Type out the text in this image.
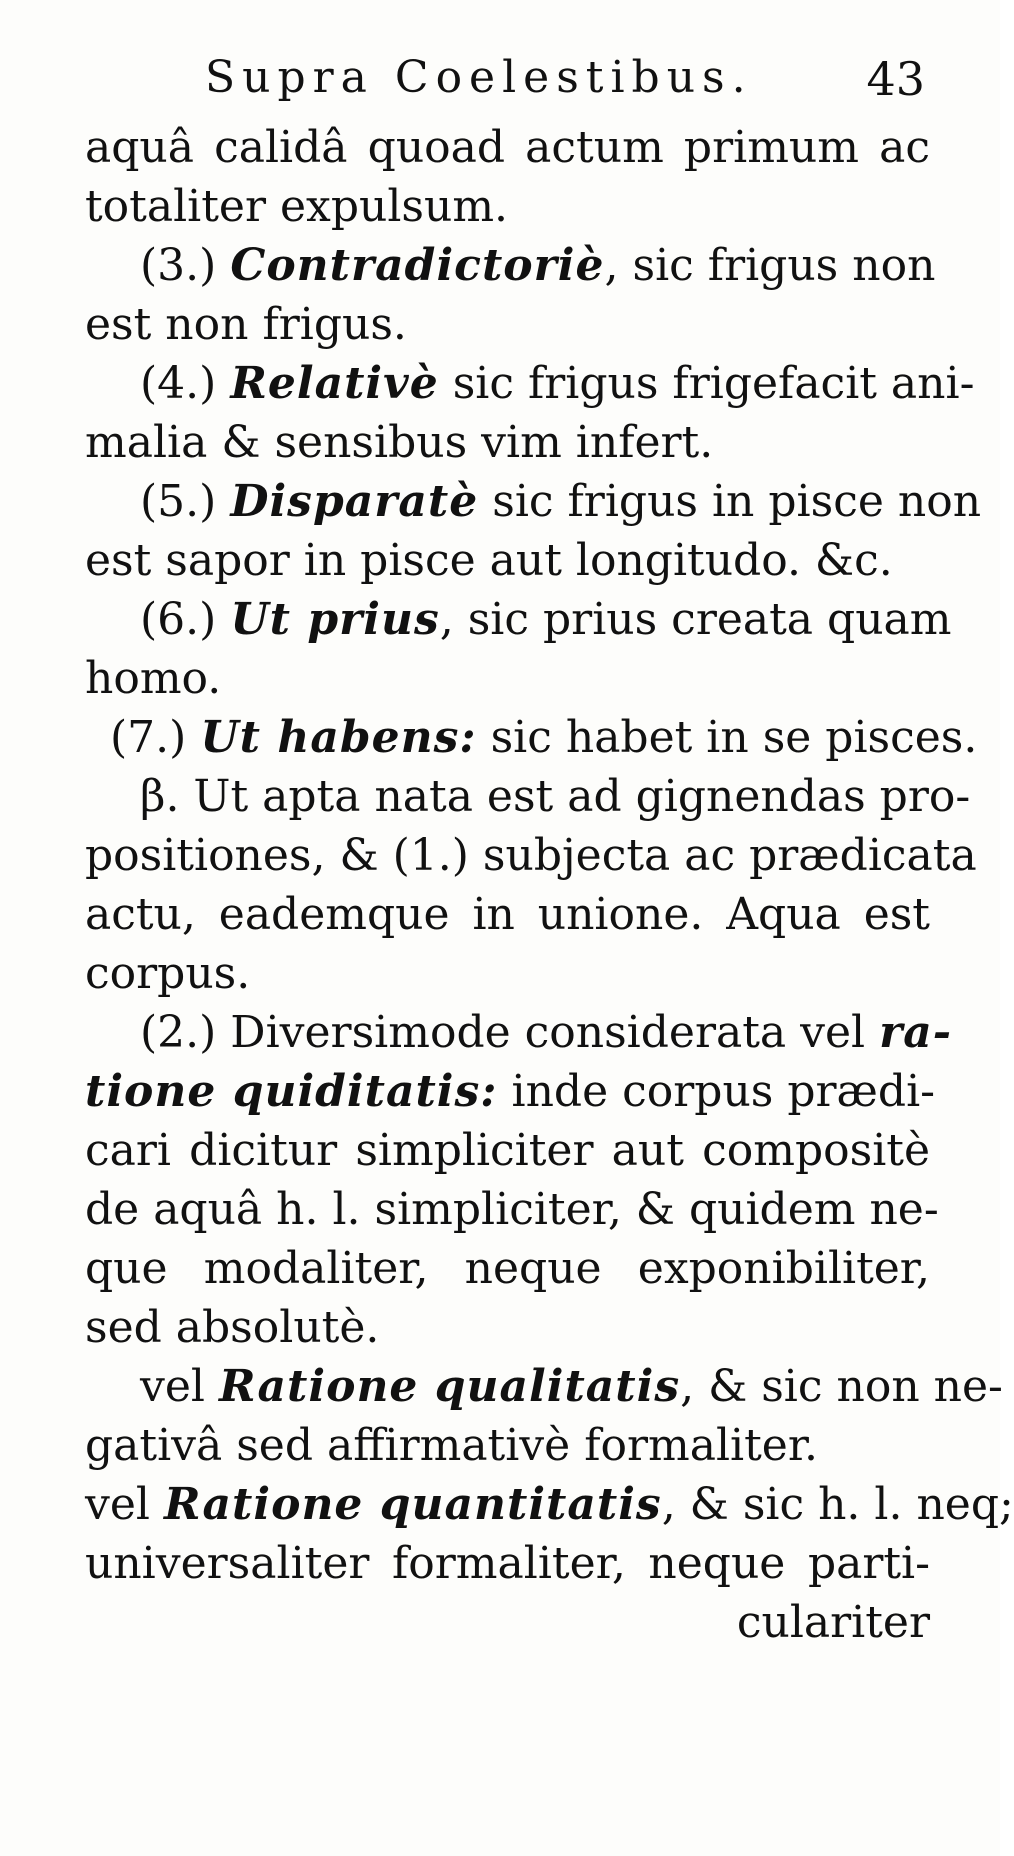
Supra Coelestibus. 43
aquâ calidâ quoad actum primum ac
totaliter expulsum.
(3.) Contradictoriè, sic frigus non
est non frigus.
(4.) Relativè sic frigus frigefacit ani-
malia & sensibus vim infert.
(5.) Disparatè sic frigus in pisce non
est sapor in pisce aut longitudo. &c.
(6.) Ut prius, sic prius creata quam
homo.
(7.) Ut habens: sic habet in se pisces.
β. Ut apta nata est ad gignendas pro-
positiones, & (1.) subjecta ac prædicata
actu, eademque in unione. Aqua est
corpus.
(2.) Diversimode considerata vel ra-
tione quiditatis: inde corpus prædi-
cari dicitur simpliciter aut compositè
de aquâ h. l. simpliciter, & quidem ne-
que modaliter, neque exponibiliter,
sed absolutè.
vel Ratione qualitatis, & sic non ne-
gativâ sed affirmativè formaliter.
vel Ratione quantitatis, & sic h. l. neq;
universaliter formaliter, neque parti-
culariter
